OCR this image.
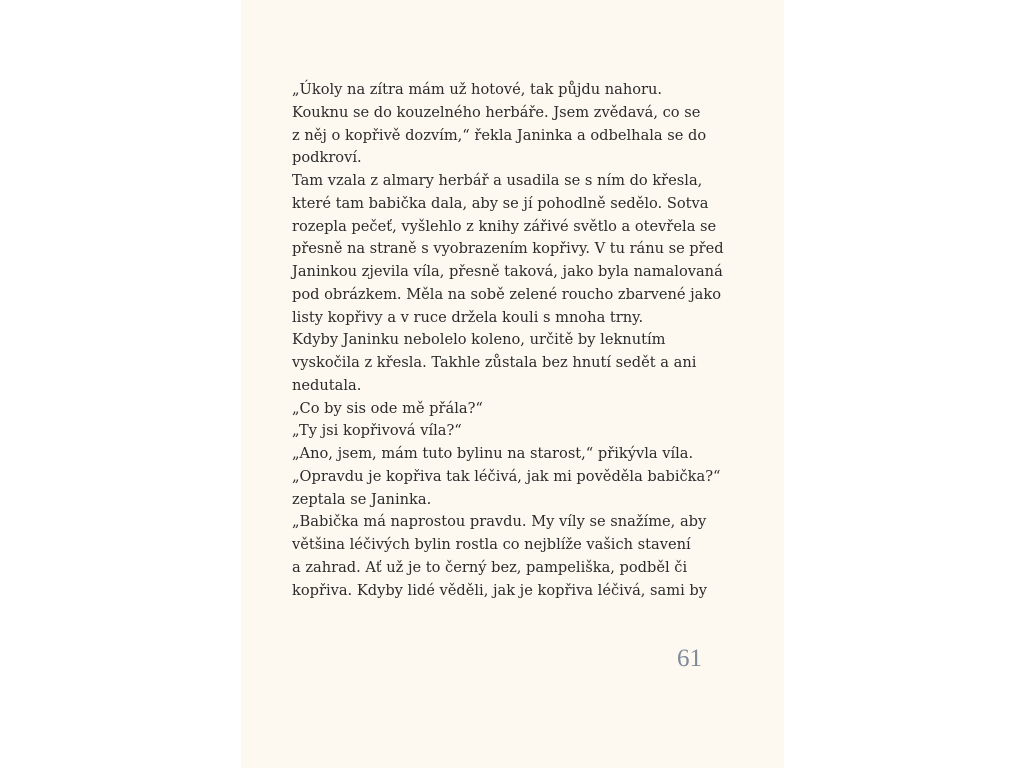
„Úkoly na zítra mám už hotové, tak půjdu nahoru.
Kouknu se do kouzelného herbáře. Jsem zvědavá, co se
z něj o kopřivě dozvím,“ řekla Janinka a odbelhala se do
podkroví.
Tam vzala z almary herbář a usadila se s ním do křesla,
které tam babička dala, aby se jí pohodlně sedělo. Sotva
rozepla pečeť, vyšlehlo z knihy zářivé světlo a otevřela se
přesně na straně s vyobrazením kopřivy. V tu ránu se před
Janinkou zjevila víla, přesně taková, jako byla namalovaná
pod obrázkem. Měla na sobě zelené roucho zbarvené jako
listy kopřivy a v ruce držela kouli s mnoha trny.
Kdyby Janinku nebolelo koleno, určitě by leknutím
vyskočila z křesla. Takhle zůstala bez hnutí sedět a ani
nedutala.
„Co by sis ode mě přála?“
„Ty jsi kopřivová víla?“
„Ano, jsem, mám tuto bylinu na starost,“ přikývla víla.
„Opravdu je kopřiva tak léčivá, jak mi pověděla babička?“
zeptala se Janinka.
„Babička má naprostou pravdu. My víly se snažíme, aby
většina léčivých bylin rostla co nejblíže vašich stavení
a zahrad. Ať už je to černý bez, pampeliška, podběl či
kopřiva. Kdyby lidé věděli, jak je kopřiva léčivá, sami by
61
